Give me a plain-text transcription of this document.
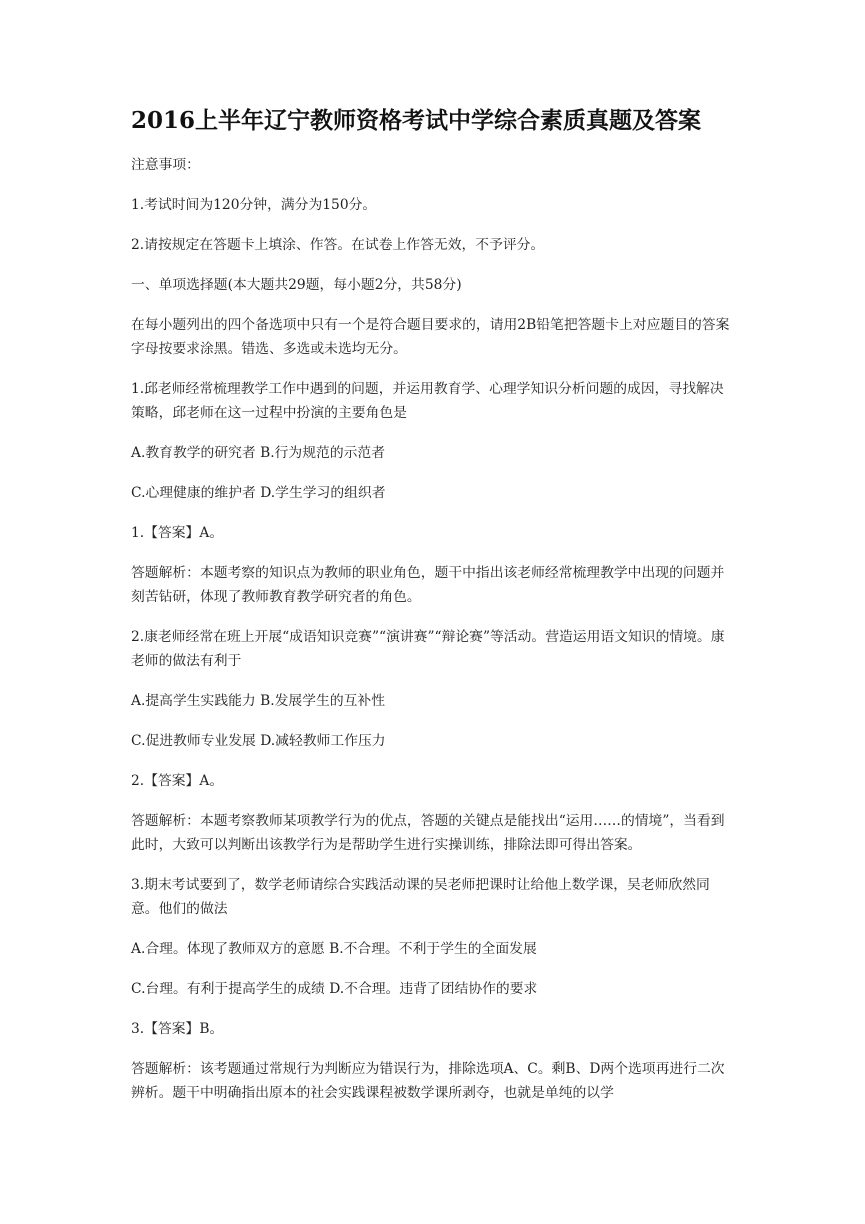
2016上半年辽宁教师资格考试中学综合素质真题及答案

注意事项：

1.考试时间为120分钟，满分为150分。

2.请按规定在答题卡上填涂、作答。在试卷上作答无效，不予评分。

一、单项选择题(本大题共29题，每小题2分，共58分)

在每小题列出的四个备选项中只有一个是符合题目要求的，请用2B铅笔把答题卡上对应题目的答案字母按要求涂黑。错选、多选或未选均无分。

1.邱老师经常梳理教学工作中遇到的问题，并运用教育学、心理学知识分析问题的成因，寻找解决策略，邱老师在这一过程中扮演的主要角色是

A.教育教学的研究者 B.行为规范的示范者

C.心理健康的维护者 D.学生学习的组织者

1.【答案】A。

答题解析：本题考察的知识点为教师的职业角色，题干中指出该老师经常梳理教学中出现的问题并刻苦钻研，体现了教师教育教学研究者的角色。

2.康老师经常在班上开展“成语知识竞赛”“演讲赛”“辩论赛”等活动。营造运用语文知识的情境。康老师的做法有利于

A.提高学生实践能力 B.发展学生的互补性

C.促进教师专业发展 D.减轻教师工作压力

2.【答案】A。

答题解析：本题考察教师某项教学行为的优点，答题的关键点是能找出“运用……的情境”，当看到此时，大致可以判断出该教学行为是帮助学生进行实操训练，排除法即可得出答案。

3.期末考试要到了，数学老师请综合实践活动课的吴老师把课时让给他上数学课，吴老师欣然同意。他们的做法

A.合理。体现了教师双方的意愿 B.不合理。不利于学生的全面发展

C.台理。有利于提高学生的成绩 D.不合理。违背了团结协作的要求

3.【答案】B。

答题解析：该考题通过常规行为判断应为错误行为，排除选项A、C。剩B、D两个选项再进行二次辨析。题干中明确指出原本的社会实践课程被数学课所剥夺，也就是单纯的以学
